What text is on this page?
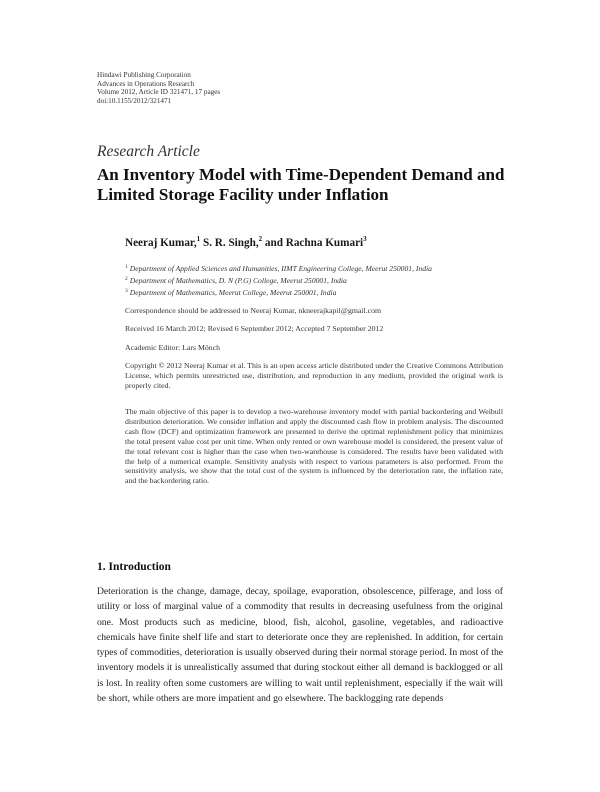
Hindawi Publishing Corporation
Advances in Operations Research
Volume 2012, Article ID 321471, 17 pages
doi:10.1155/2012/321471
Research Article
An Inventory Model with Time-Dependent Demand and Limited Storage Facility under Inflation
Neeraj Kumar,$^1$ S. R. Singh,$^2$ and Rachna Kumari$^3$
$^1$ Department of Applied Sciences and Humanities, IIMT Engineering College, Meerut 250001, India
$^2$ Department of Mathematics, D. N (P.G) College, Meerut 250001, India
$^3$ Department of Mathematics, Meerut College, Meerut 250001, India
Correspondence should be addressed to Neeraj Kumar, nkneerajkapil@gmail.com
Received 16 March 2012; Revised 6 September 2012; Accepted 7 September 2012
Academic Editor: Lars Mönch
Copyright © 2012 Neeraj Kumar et al. This is an open access article distributed under the Creative Commons Attribution License, which permits unrestricted use, distribution, and reproduction in any medium, provided the original work is properly cited.
The main objective of this paper is to develop a two-warehouse inventory model with partial backordering and Weibull distribution deterioration. We consider inflation and apply the discounted cash flow in problem analysis. The discounted cash flow (DCF) and optimization framework are presented to derive the optimal replenishment policy that minimizes the total present value cost per unit time. When only rented or own warehouse model is considered, the present value of the total relevant cost is higher than the case when two-warehouse is considered. The results have been validated with the help of a numerical example. Sensitivity analysis with respect to various parameters is also performed. From the sensitivity analysis, we show that the total cost of the system is influenced by the deterioration rate, the inflation rate, and the backordering ratio.
1. Introduction
Deterioration is the change, damage, decay, spoilage, evaporation, obsolescence, pilferage, and loss of utility or loss of marginal value of a commodity that results in decreasing usefulness from the original one. Most products such as medicine, blood, fish, alcohol, gasoline, vegetables, and radioactive chemicals have finite shelf life and start to deteriorate once they are replenished. In addition, for certain types of commodities, deterioration is usually observed during their normal storage period. In most of the inventory models it is unrealistically assumed that during stockout either all demand is backlogged or all is lost. In reality often some customers are willing to wait until replenishment, especially if the wait will be short, while others are more impatient and go elsewhere. The backlogging rate depends
